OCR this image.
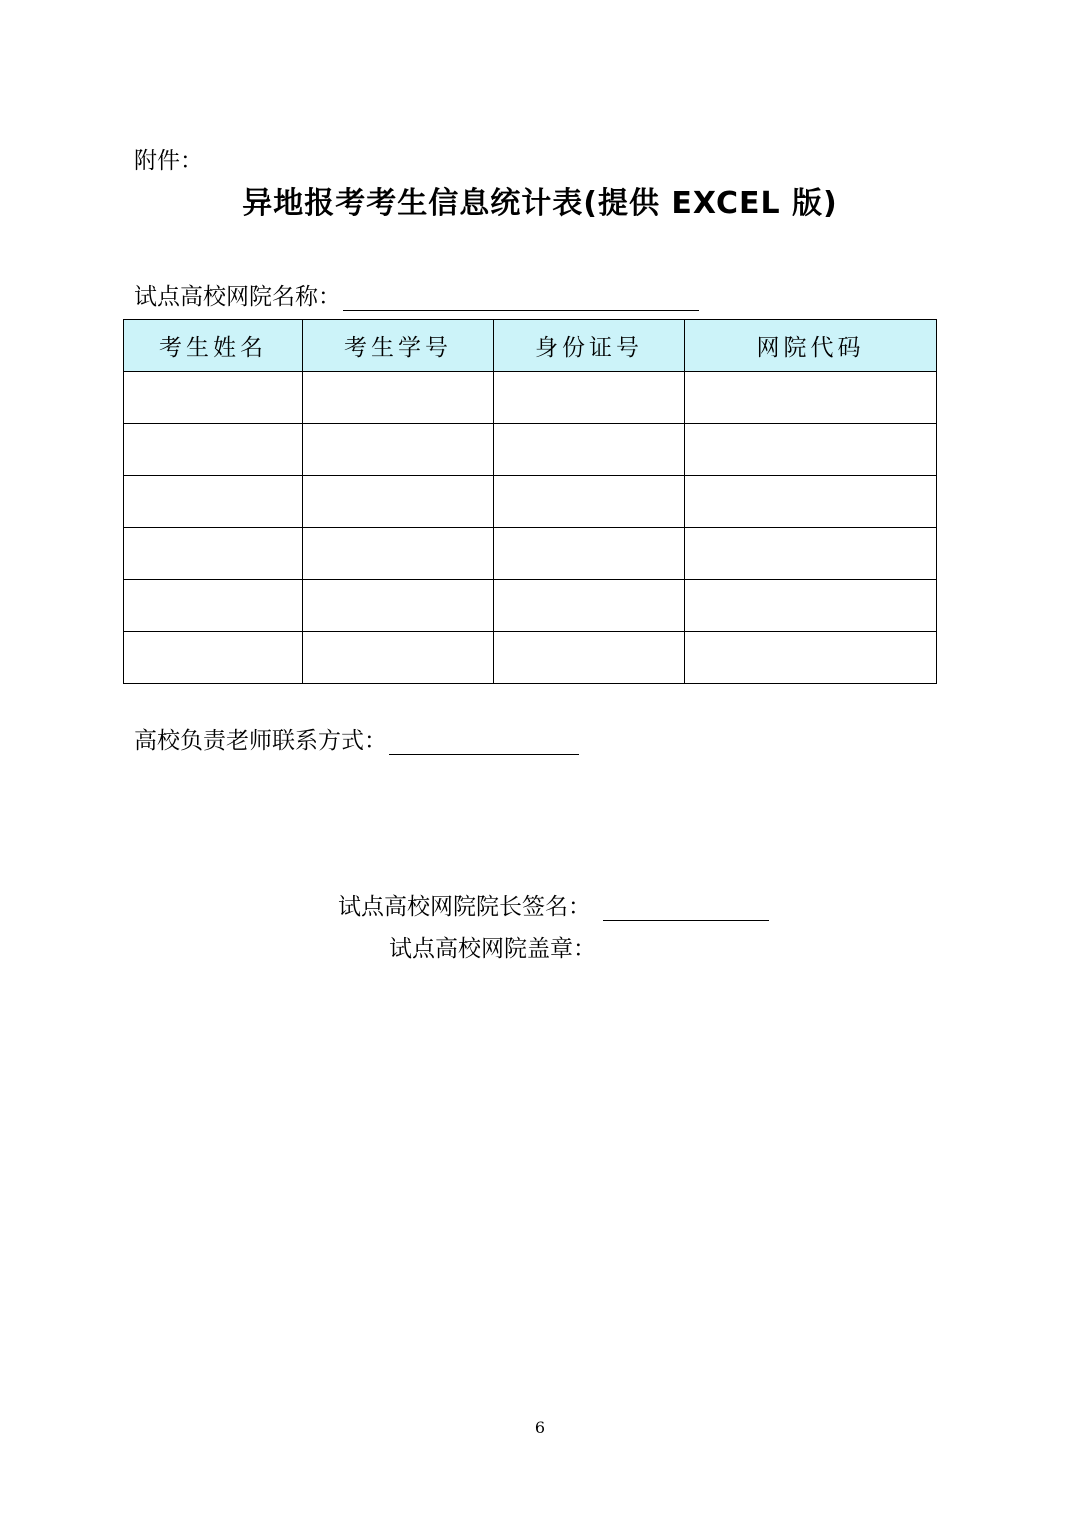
附件：
异地报考考生信息统计表(提供 EXCEL 版)
试点高校网院名称：
考生姓名	考生学号	身份证号	网院代码

高校负责老师联系方式：
试点高校网院院长签名：
试点高校网院盖章：
6
